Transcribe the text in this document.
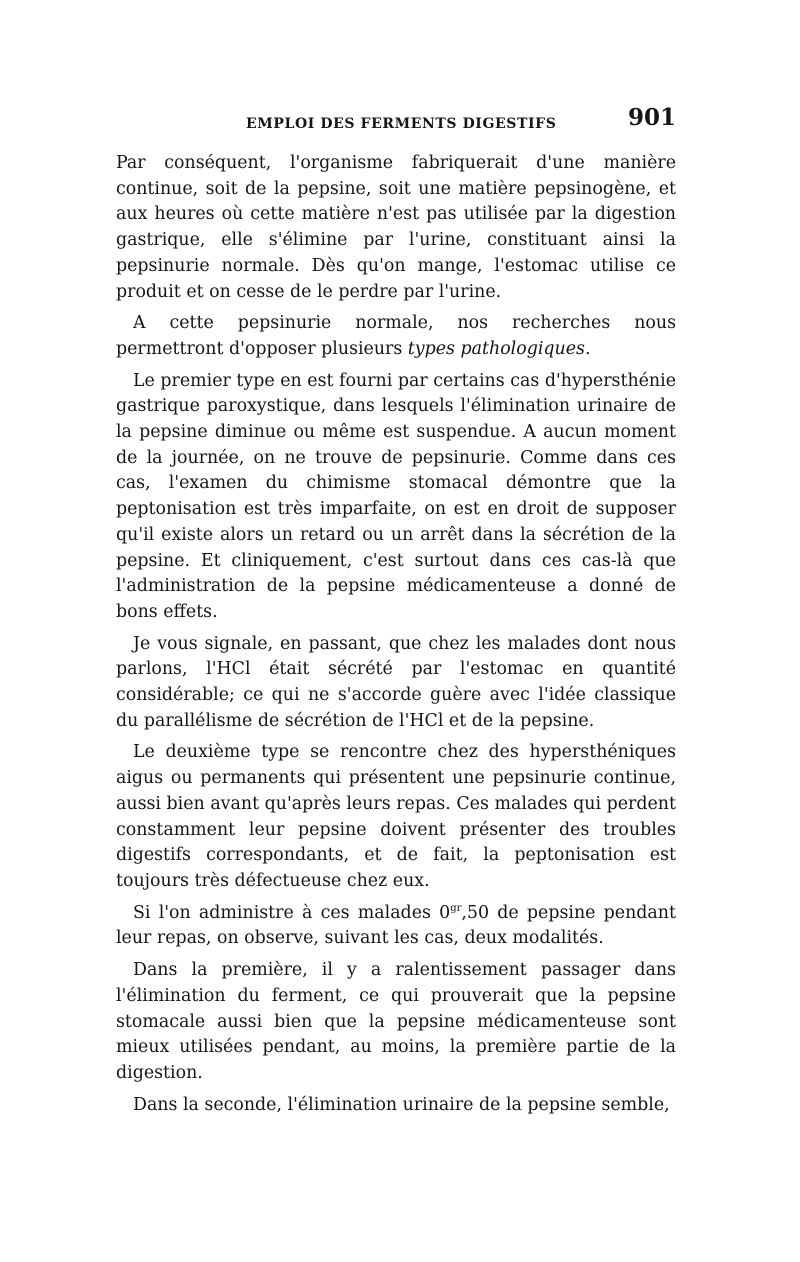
EMPLOI DES FERMENTS DIGESTIFS	901

Par conséquent, l'organisme fabriquerait d'une manière continue, soit de la pepsine, soit une matière pepsinogène, et aux heures où cette matière n'est pas utilisée par la digestion gastrique, elle s'élimine par l'urine, constituant ainsi la pepsinurie normale. Dès qu'on mange, l'estomac utilise ce produit et on cesse de le perdre par l'urine.

A cette pepsinurie normale, nos recherches nous permettront d'opposer plusieurs types pathologiques.

Le premier type en est fourni par certains cas d'hypersthénie gastrique paroxystique, dans lesquels l'élimination urinaire de la pepsine diminue ou même est suspendue. A aucun moment de la journée, on ne trouve de pepsinurie. Comme dans ces cas, l'examen du chimisme stomacal démontre que la peptonisation est très imparfaite, on est en droit de supposer qu'il existe alors un retard ou un arrêt dans la sécrétion de la pepsine. Et cliniquement, c'est surtout dans ces cas-là que l'administration de la pepsine médicamenteuse a donné de bons effets.

Je vous signale, en passant, que chez les malades dont nous parlons, l'HCl était sécrété par l'estomac en quantité considérable; ce qui ne s'accorde guère avec l'idée classique du parallélisme de sécrétion de l'HCl et de la pepsine.

Le deuxième type se rencontre chez des hypersthéniques aigus ou permanents qui présentent une pepsinurie continue, aussi bien avant qu'après leurs repas. Ces malades qui perdent constamment leur pepsine doivent présenter des troubles digestifs correspondants, et de fait, la peptonisation est toujours très défectueuse chez eux.

Si l'on administre à ces malades $0^{gr},50$ de pepsine pendant leur repas, on observe, suivant les cas, deux modalités.

Dans la première, il y a ralentissement passager dans l'élimination du ferment, ce qui prouverait que la pepsine stomacale aussi bien que la pepsine médicamenteuse sont mieux utilisées pendant, au moins, la première partie de la digestion.

Dans la seconde, l'élimination urinaire de la pepsine semble,
